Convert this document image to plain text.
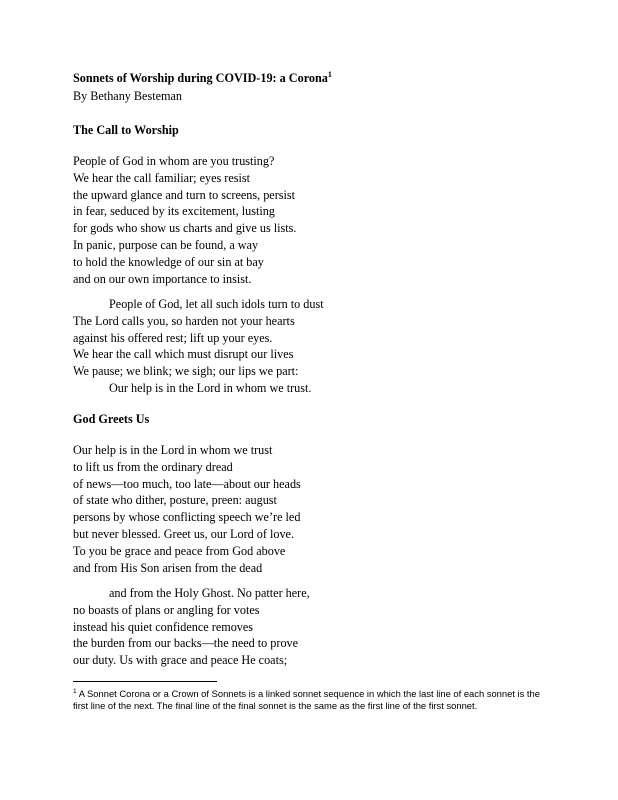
Sonnets of Worship during COVID-19: a Corona$^1$
By Bethany Besteman
The Call to Worship
People of God in whom are you trusting?
We hear the call familiar; eyes resist
the upward glance and turn to screens, persist
in fear, seduced by its excitement, lusting
for gods who show us charts and give us lists.
In panic, purpose can be found, a way
to hold the knowledge of our sin at bay
and on our own importance to insist.
People of God, let all such idols turn to dust
The Lord calls you, so harden not your hearts
against his offered rest; lift up your eyes.
We hear the call which must disrupt our lives
We pause; we blink; we sigh; our lips we part:
Our help is in the Lord in whom we trust.
God Greets Us
Our help is in the Lord in whom we trust
to lift us from the ordinary dread
of news—too much, too late—about our heads
of state who dither, posture, preen: august
persons by whose conflicting speech we’re led
but never blessed. Greet us, our Lord of love.
To you be grace and peace from God above
and from His Son arisen from the dead
and from the Holy Ghost. No patter here,
no boasts of plans or angling for votes
instead his quiet confidence removes
the burden from our backs—the need to prove
our duty. Us with grace and peace He coats;
$^1$ A Sonnet Corona or a Crown of Sonnets is a linked sonnet sequence in which the last line of each sonnet is the first line of the next. The final line of the final sonnet is the same as the first line of the first sonnet.
